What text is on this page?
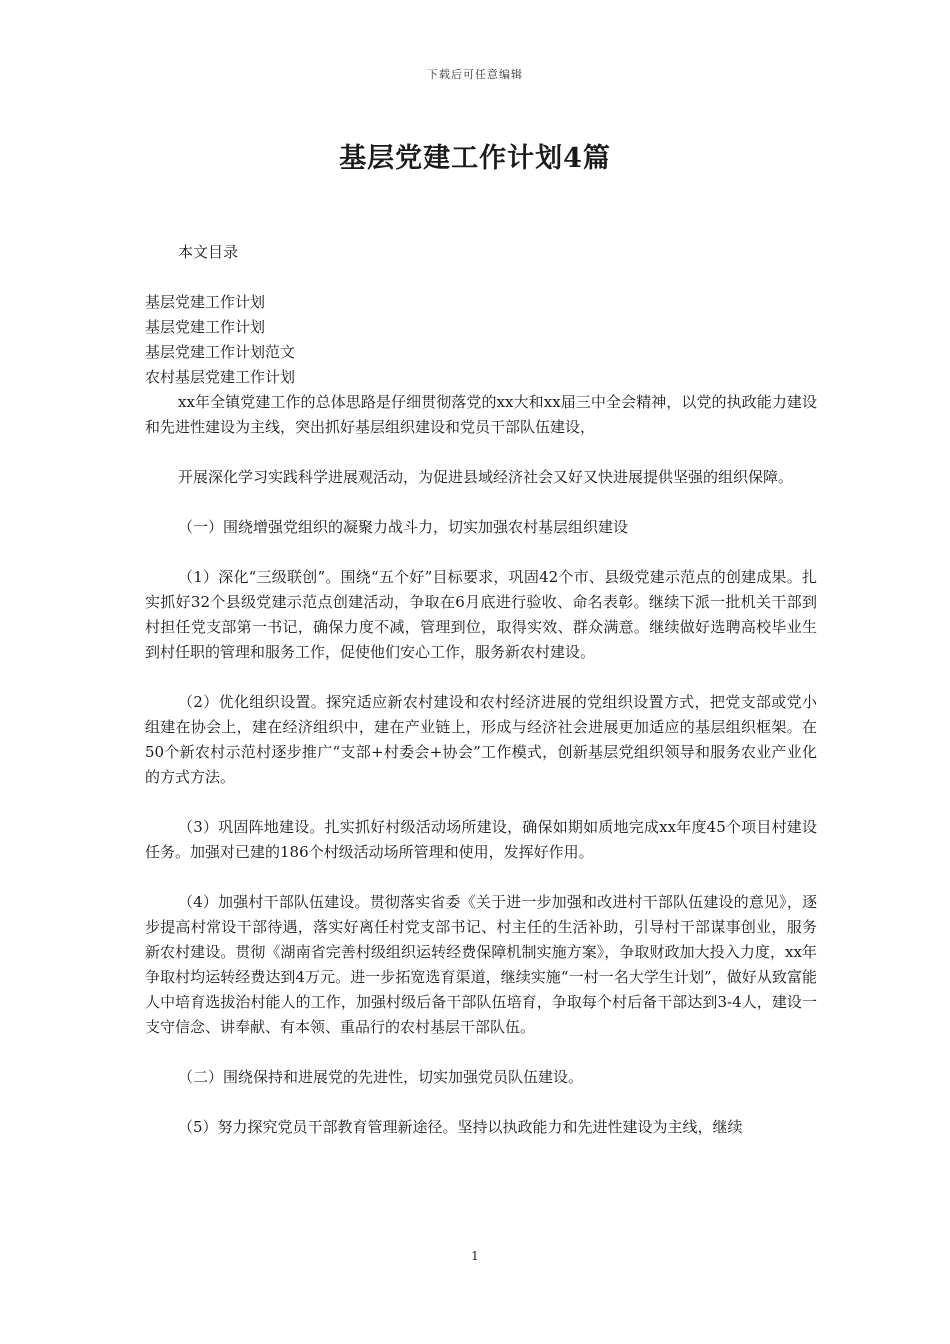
下载后可任意编辑
基层党建工作计划4篇

本文目录

基层党建工作计划

基层党建工作计划

基层党建工作计划范文

农村基层党建工作计划

xx年全镇党建工作的总体思路是仔细贯彻落党的xx大和xx届三中全会精神，以党的执政能力建设和先进性建设为主线，突出抓好基层组织建设和党员干部队伍建设，

开展深化学习实践科学进展观活动，为促进县域经济社会又好又快进展提供坚强的组织保障。

（一）围绕增强党组织的凝聚力战斗力，切实加强农村基层组织建设

（1）深化“三级联创”。围绕“五个好”目标要求，巩固42个市、县级党建示范点的创建成果。扎实抓好32个县级党建示范点创建活动，争取在6月底进行验收、命名表彰。继续下派一批机关干部到村担任党支部第一书记，确保力度不减，管理到位，取得实效、群众满意。继续做好选聘高校毕业生到村任职的管理和服务工作，促使他们安心工作，服务新农村建设。

（2）优化组织设置。探究适应新农村建设和农村经济进展的党组织设置方式，把党支部或党小组建在协会上，建在经济组织中，建在产业链上，形成与经济社会进展更加适应的基层组织框架。在50个新农村示范村逐步推广“支部+村委会+协会”工作模式，创新基层党组织领导和服务农业产业化的方式方法。

（3）巩固阵地建设。扎实抓好村级活动场所建设，确保如期如质地完成xx年度45个项目村建设任务。加强对已建的186个村级活动场所管理和使用，发挥好作用。

（4）加强村干部队伍建设。贯彻落实省委《关于进一步加强和改进村干部队伍建设的意见》，逐步提高村常设干部待遇，落实好离任村党支部书记、村主任的生活补助，引导村干部谋事创业，服务新农村建设。贯彻《湖南省完善村级组织运转经费保障机制实施方案》，争取财政加大投入力度，xx年争取村均运转经费达到4万元。进一步拓宽选育渠道，继续实施“一村一名大学生计划”，做好从致富能人中培育选拔治村能人的工作，加强村级后备干部队伍培育，争取每个村后备干部达到3-4人，建设一支守信念、讲奉献、有本领、重品行的农村基层干部队伍。

（二）围绕保持和进展党的先进性，切实加强党员队伍建设。

（5）努力探究党员干部教育管理新途径。坚持以执政能力和先进性建设为主线，继续

1
